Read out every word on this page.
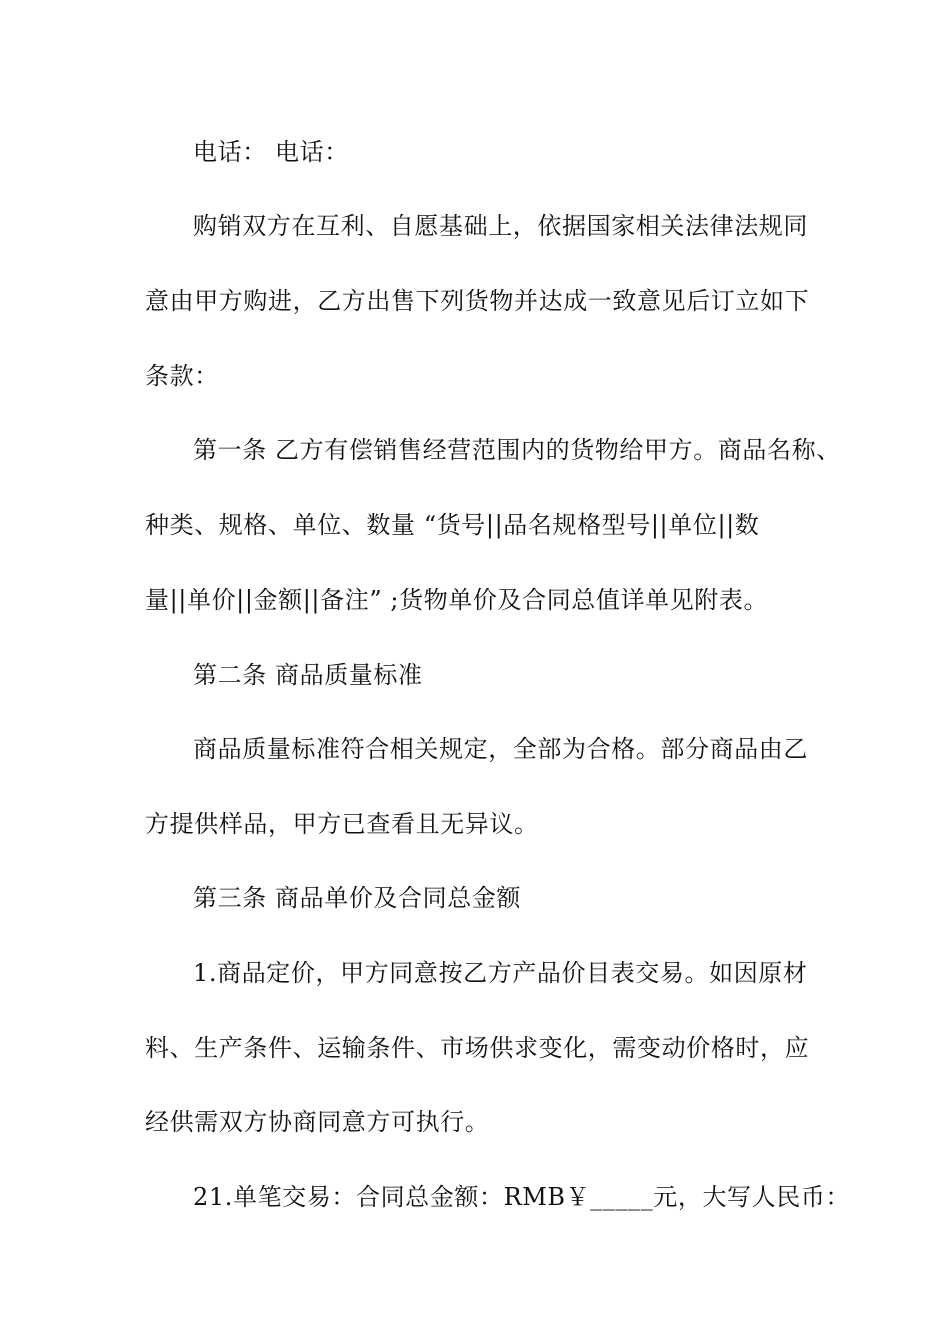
电话： 电话：
购销双方在互利、自愿基础上，依据国家相关法律法规同
意由甲方购进，乙方出售下列货物并达成一致意见后订立如下
条款：
第一条 乙方有偿销售经营范围内的货物给甲方。商品名称、
种类、规格、单位、数量 “货号||品名规格型号||单位||数
量||单价||金额||备注” ;货物单价及合同总值详单见附表。
第二条 商品质量标准
商品质量标准符合相关规定，全部为合格。部分商品由乙
方提供样品，甲方已查看且无异议。
第三条 商品单价及合同总金额
1.商品定价，甲方同意按乙方产品价目表交易。如因原材
料、生产条件、运输条件、市场供求变化，需变动价格时，应
经供需双方协商同意方可执行。
21.单笔交易：合同总金额：RMB￥_____元，大写人民币：
